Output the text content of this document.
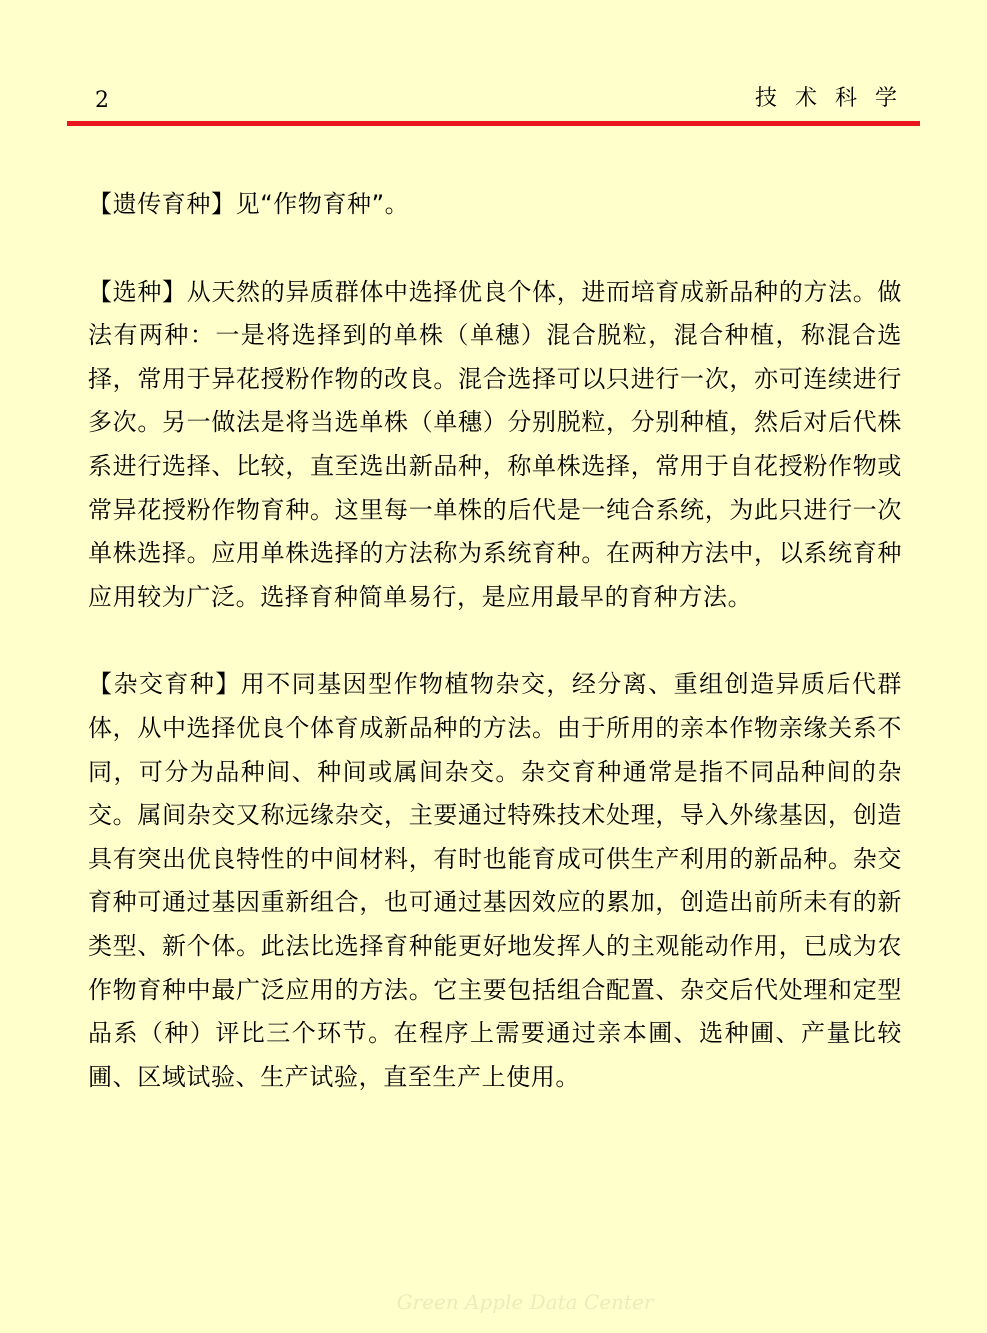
2	技术科学

【遗传育种】见“作物育种”。

【选种】从天然的异质群体中选择优良个体，进而培育成新品种的方法。做法有两种：一是将选择到的单株（单穗）混合脱粒，混合种植，称混合选择，常用于异花授粉作物的改良。混合选择可以只进行一次，亦可连续进行多次。另一做法是将当选单株（单穗）分别脱粒，分别种植，然后对后代株系进行选择、比较，直至选出新品种，称单株选择，常用于自花授粉作物或常异花授粉作物育种。这里每一单株的后代是一纯合系统，为此只进行一次单株选择。应用单株选择的方法称为系统育种。在两种方法中，以系统育种应用较为广泛。选择育种简单易行，是应用最早的育种方法。

【杂交育种】用不同基因型作物植物杂交，经分离、重组创造异质后代群体，从中选择优良个体育成新品种的方法。由于所用的亲本作物亲缘关系不同，可分为品种间、种间或属间杂交。杂交育种通常是指不同品种间的杂交。属间杂交又称远缘杂交，主要通过特殊技术处理，导入外缘基因，创造具有突出优良特性的中间材料，有时也能育成可供生产利用的新品种。杂交育种可通过基因重新组合，也可通过基因效应的累加，创造出前所未有的新类型、新个体。此法比选择育种能更好地发挥人的主观能动作用，已成为农作物育种中最广泛应用的方法。它主要包括组合配置、杂交后代处理和定型品系（种）评比三个环节。在程序上需要通过亲本圃、选种圃、产量比较圃、区域试验、生产试验，直至生产上使用。

Green Apple Data Center
